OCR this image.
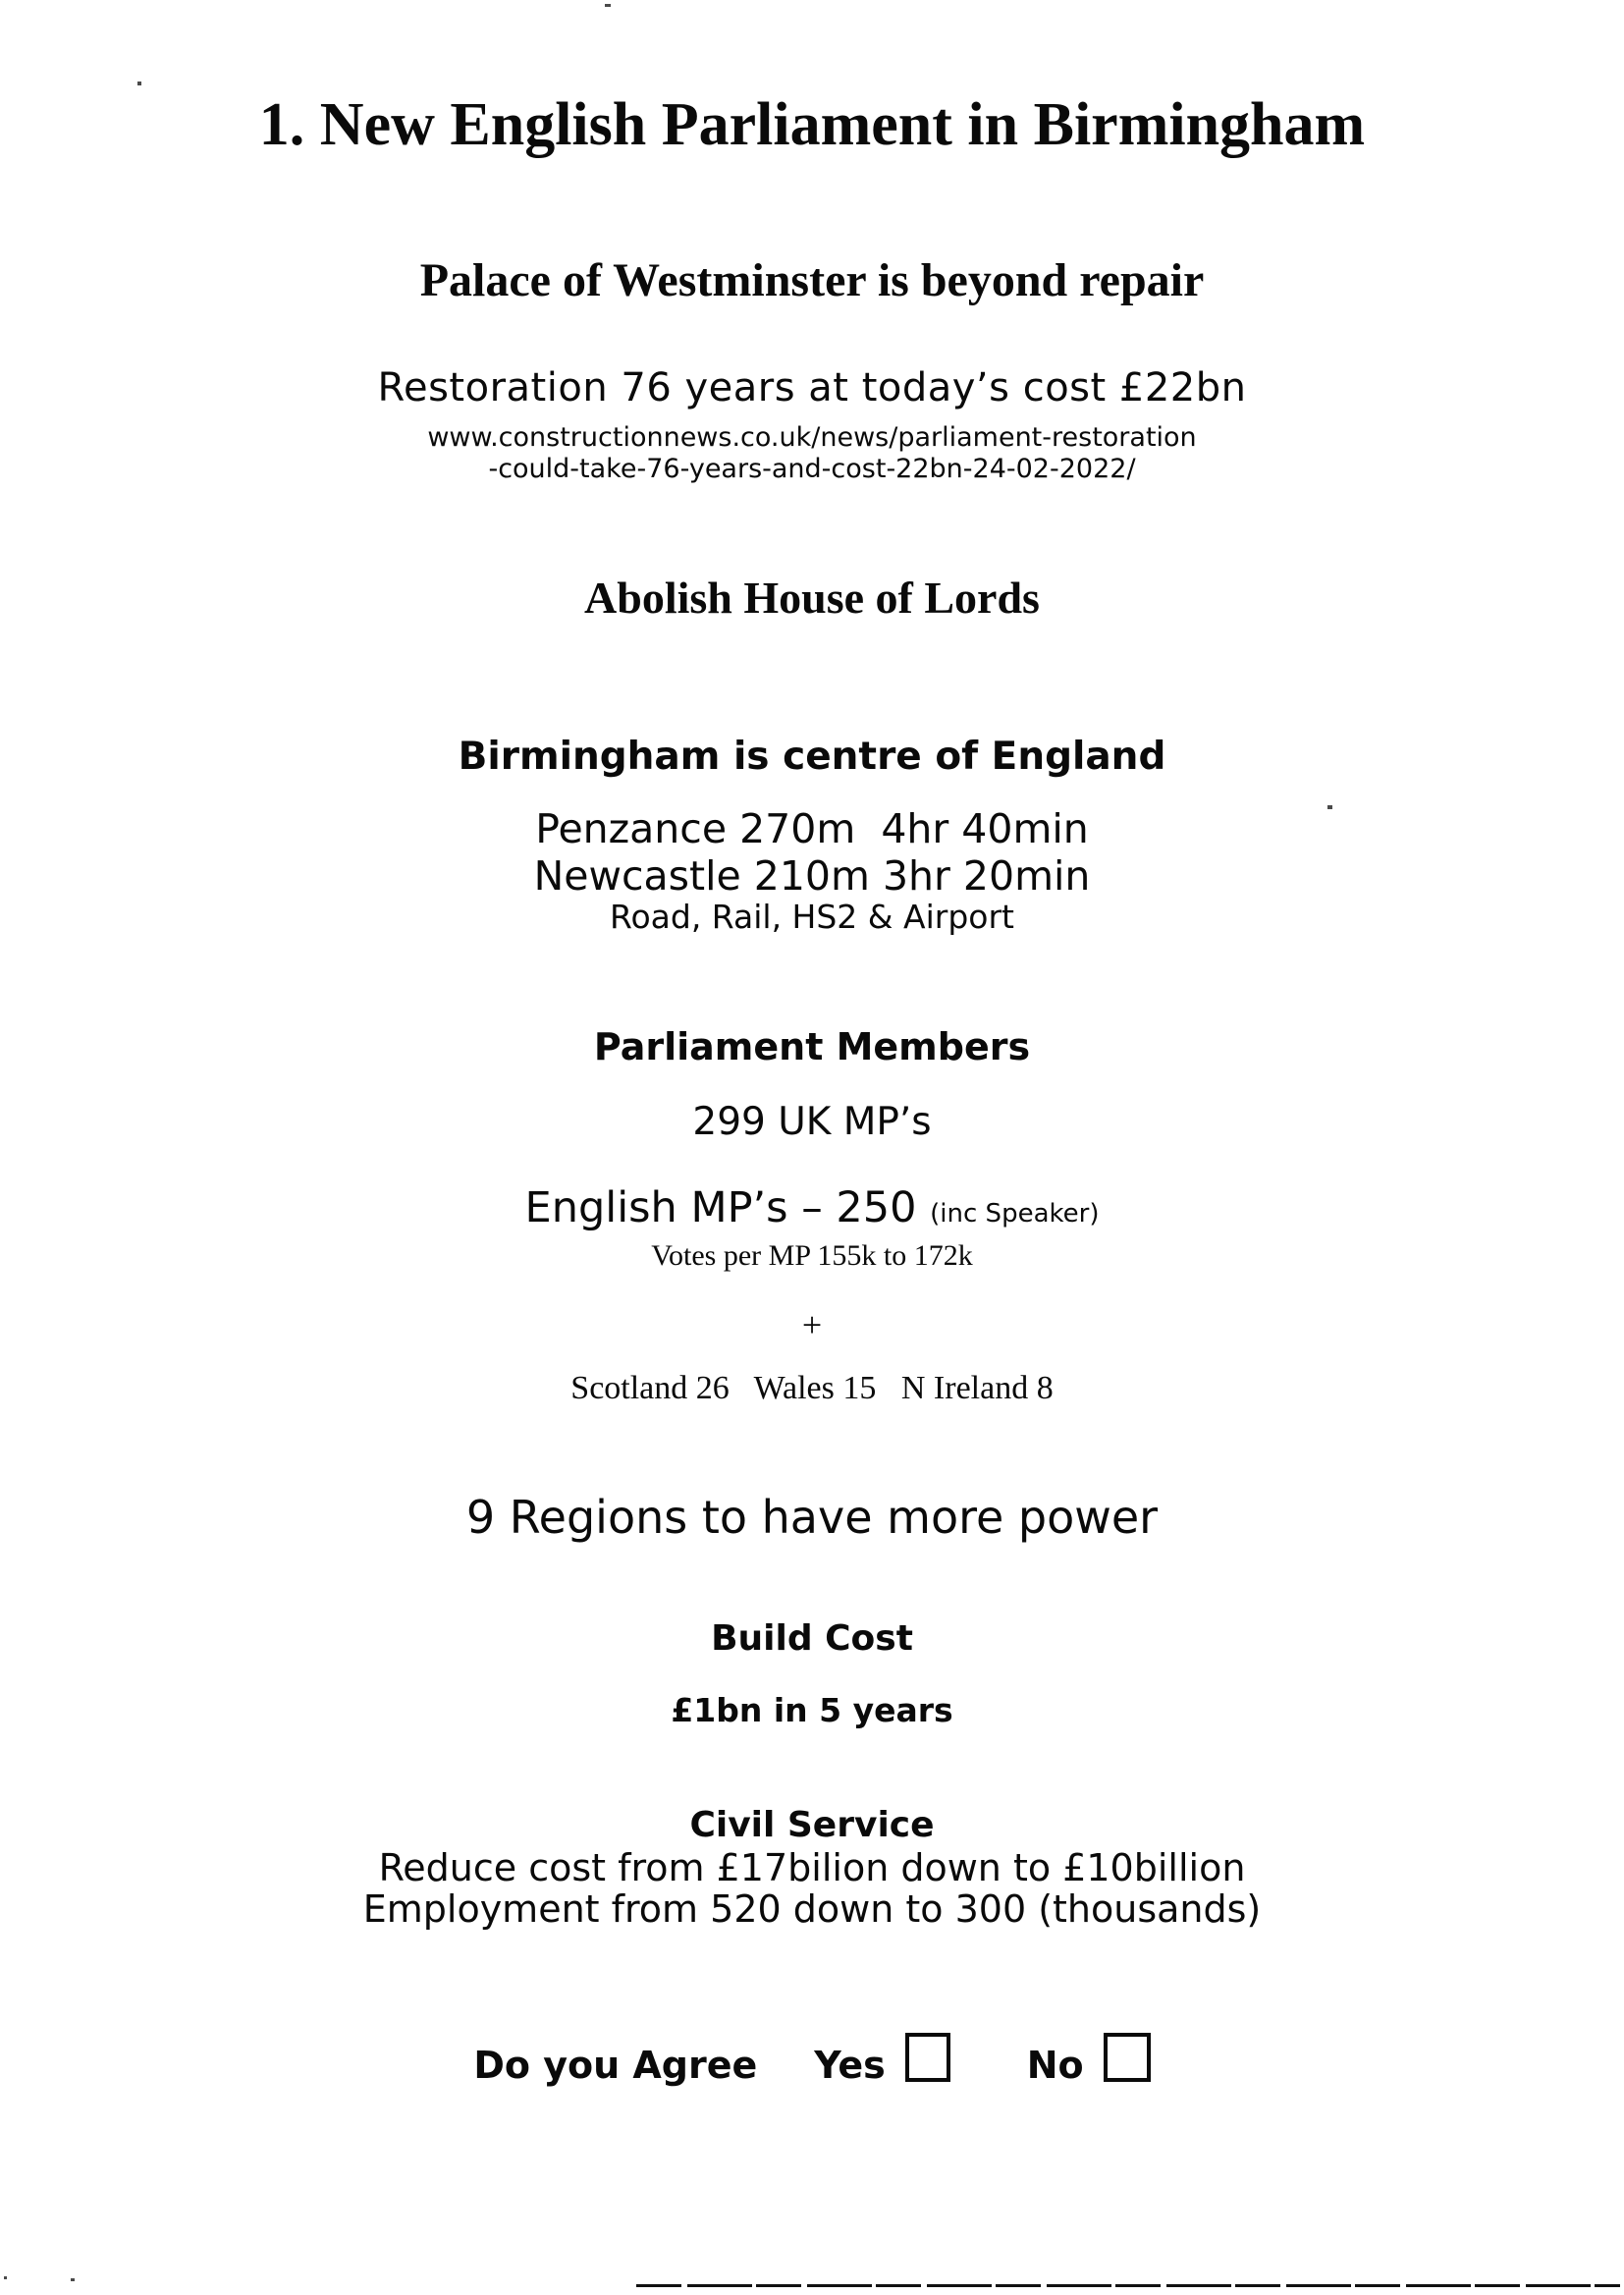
1. New English Parliament in Birmingham
Palace of Westminster is beyond repair
Restoration 76 years at today’s cost £22bn
www.constructionnews.co.uk/news/parliament-restoration
-could-take-76-years-and-cost-22bn-24-02-2022/
Abolish House of Lords
Birmingham is centre of England
Penzance 270m  4hr 40min
Newcastle 210m 3hr 20min
Road, Rail, HS2 & Airport
Parliament Members
299 UK MP’s
English MP’s – 250 (inc Speaker)
Votes per MP 155k to 172k
+
Scotland 26   Wales 15   N Ireland 8
9 Regions to have more power
Build Cost
£1bn in 5 years
Civil Service
Reduce cost from £17bilion down to £10billion
Employment from 520 down to 300 (thousands)
Do you Agree Yes	No
